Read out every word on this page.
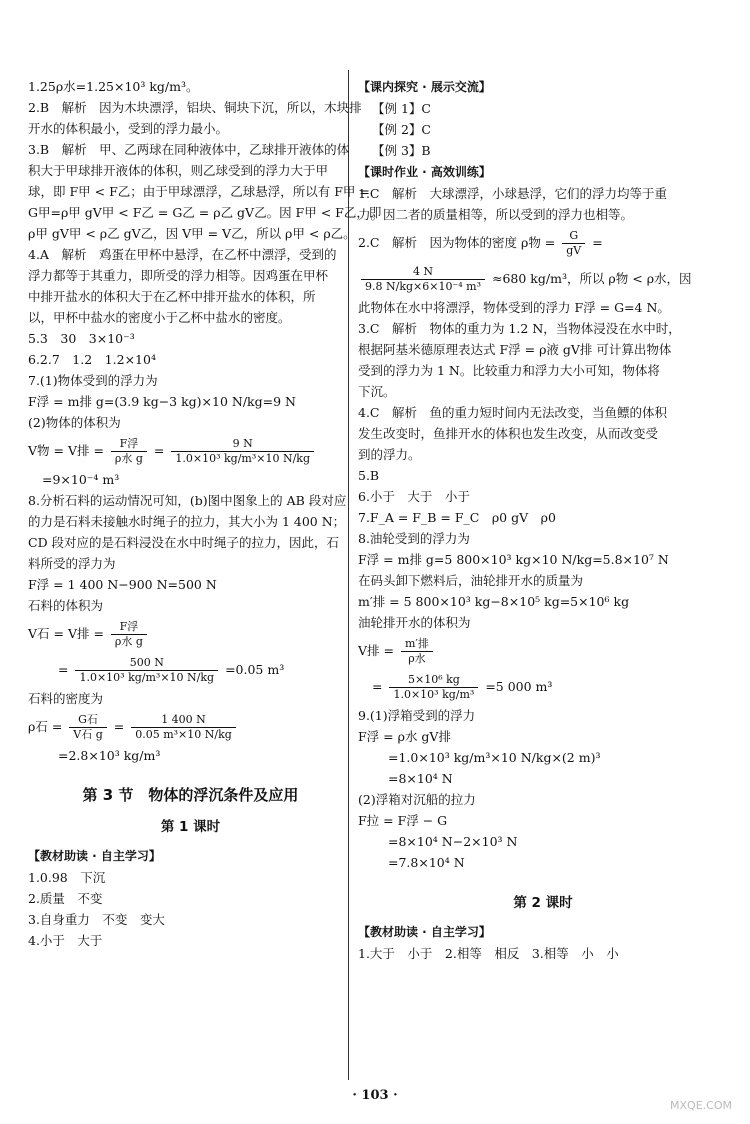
1.25ρ水=1.25×10³ kg/m³。
2.B　解析　因为木块漂浮，铝块、铜块下沉，所以，木块排
开水的体积最小，受到的浮力最小。
3.B　解析　甲、乙两球在同种液体中，乙球排开液体的体
积大于甲球排开液体的体积，则乙球受到的浮力大于甲
球，即 F甲 < F乙；由于甲球漂浮，乙球悬浮，所以有 F甲 =
G甲=ρ甲 gV甲 < F乙 = G乙 = ρ乙 gV乙。因 F甲 < F乙，即
ρ甲 gV甲 < ρ乙 gV乙，因 V甲 = V乙，所以 ρ甲 < ρ乙。
4.A　解析　鸡蛋在甲杯中悬浮，在乙杯中漂浮，受到的
浮力都等于其重力，即所受的浮力相等。因鸡蛋在甲杯
中排开盐水的体积大于在乙杯中排开盐水的体积，所
以，甲杯中盐水的密度小于乙杯中盐水的密度。
5.3　30　3×10⁻³
6.2.7　1.2　1.2×10⁴
7.(1)物体受到的浮力为
F浮 = m排 g=(3.9 kg−3 kg)×10 N/kg=9 N
(2)物体的体积为
V物 = V排 = $\frac{\text{F浮}}{\text{ρ水 g}} = \frac{9 N}{\text{1.0×10³ kg/m³×10 N/kg}}$
=9×10⁻⁴ m³
8.分析石料的运动情况可知，(b)图中图象上的 AB 段对应
的力是石料未接触水时绳子的拉力，其大小为 1 400 N；
CD 段对应的是石料浸没在水中时绳子的拉力，因此，石
料所受的浮力为
F浮 = 1 400 N−900 N=500 N
石料的体积为
V石 = V排 = $\frac{\text{F浮}}{\text{ρ水 g}}$
= $\frac{500 N}{\text{1.0×10³ kg/m³×10 N/kg}} =0.05$ m³
石料的密度为
ρ石 = $\frac{\text{G石}}{\text{V石 g}} = \frac{1 400 N}{\text{0.05 m³×10 N/kg}}$
=2.8×10³ kg/m³
第 3 节　物体的浮沉条件及应用
第 1 课时
【教材助读 · 自主学习】
1.0.98　下沉
2.质量　不变
3.自身重力　不变　变大
4.小于　大于
【课内探究 · 展示交流】
【例 1】C
【例 2】C
【例 3】B
【课时作业 · 高效训练】
1.C　解析　大球漂浮，小球悬浮，它们的浮力均等于重
力。因二者的质量相等，所以受到的浮力也相等。
2.C　解析　因为物体的密度 ρ物 = $\frac{G}{gV}$ =
$\frac{4 N}{\text{9.8 N/kg×6×10⁻⁴ m³}} \approx 680$ kg/m³，所以 ρ物 < ρ水，因
此物体在水中将漂浮，物体受到的浮力 F浮 = G=4 N。
3.C　解析　物体的重力为 1.2 N，当物体浸没在水中时，
根据阿基米德原理表达式 F浮 = ρ液 gV排 可计算出物体
受到的浮力为 1 N。比较重力和浮力大小可知，物体将
下沉。
4.C　解析　鱼的重力短时间内无法改变，当鱼鳔的体积
发生改变时，鱼排开水的体积也发生改变，从而改变受
到的浮力。
5.B
6.小于　大于　小于
7.F_A = F_B = F_C　ρ0 gV　ρ0
8.油轮受到的浮力为
F浮 = m排 g=5 800×10³ kg×10 N/kg=5.8×10⁷ N
在码头卸下燃料后，油轮排开水的质量为
m′排 = 5 800×10³ kg−8×10⁵ kg=5×10⁶ kg
油轮排开水的体积为
V排 = $\frac{\text{m′排}}{\text{ρ水}}$
= $\frac{\text{5×10⁶ kg}}{\text{1.0×10³ kg/m³}} =5$ 000 m³
9.(1)浮箱受到的浮力
F浮 = ρ水 gV排
=1.0×10³ kg/m³×10 N/kg×(2 m)³
=8×10⁴ N
(2)浮箱对沉船的拉力
F拉 = F浮 − G
=8×10⁴ N−2×10³ N
=7.8×10⁴ N
第 2 课时
【教材助读 · 自主学习】
1.大于　小于　2.相等　相反　3.相等　小　小
· 103 ·
MXQE.COM
